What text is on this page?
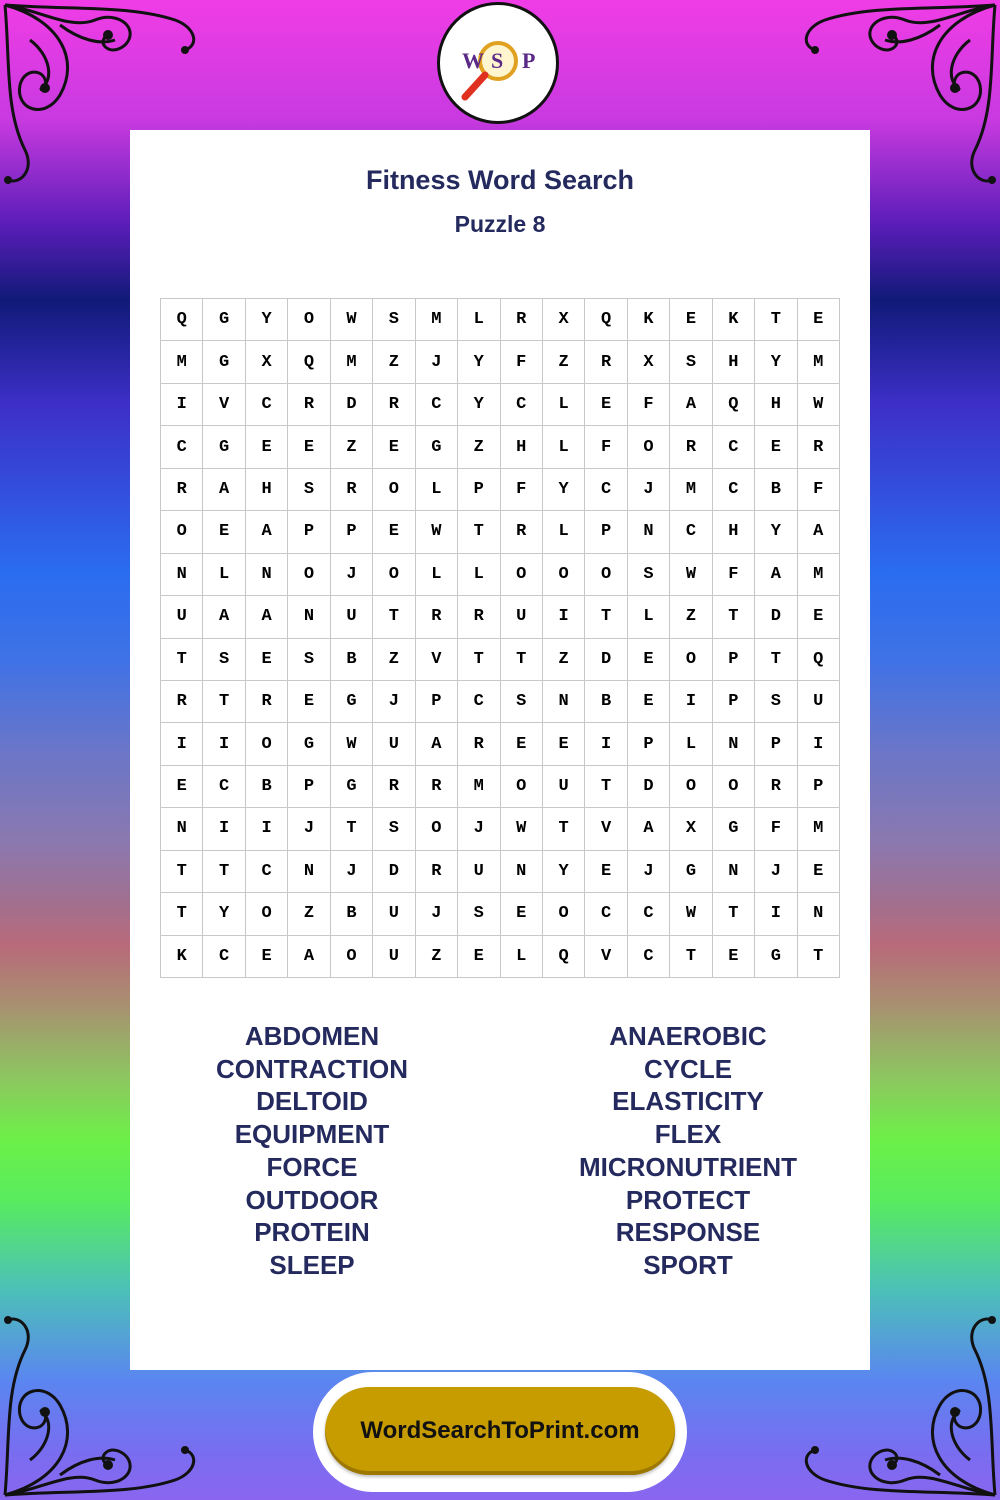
W S P
Fitness Word Search
Puzzle 8
Q	G	Y	O	W	S	M	L	R	X	Q	K	E	K	T	E
M	G	X	Q	M	Z	J	Y	F	Z	R	X	S	H	Y	M
I	V	C	R	D	R	C	Y	C	L	E	F	A	Q	H	W
C	G	E	E	Z	E	G	Z	H	L	F	O	R	C	E	R
R	A	H	S	R	O	L	P	F	Y	C	J	M	C	B	F
O	E	A	P	P	E	W	T	R	L	P	N	C	H	Y	A
N	L	N	O	J	O	L	L	O	O	O	S	W	F	A	M
U	A	A	N	U	T	R	R	U	I	T	L	Z	T	D	E
T	S	E	S	B	Z	V	T	T	Z	D	E	O	P	T	Q
R	T	R	E	G	J	P	C	S	N	B	E	I	P	S	U
I	I	O	G	W	U	A	R	E	E	I	P	L	N	P	I
E	C	B	P	G	R	R	M	O	U	T	D	O	O	R	P
N	I	I	J	T	S	O	J	W	T	V	A	X	G	F	M
T	T	C	N	J	D	R	U	N	Y	E	J	G	N	J	E
T	Y	O	Z	B	U	J	S	E	O	C	C	W	T	I	N
K	C	E	A	O	U	Z	E	L	Q	V	C	T	E	G	T
ABDOMEN
CONTRACTION
DELTOID
EQUIPMENT
FORCE
OUTDOOR
PROTEIN
SLEEP
ANAEROBIC
CYCLE
ELASTICITY
FLEX
MICRONUTRIENT
PROTECT
RESPONSE
SPORT
WordSearchToPrint.com
